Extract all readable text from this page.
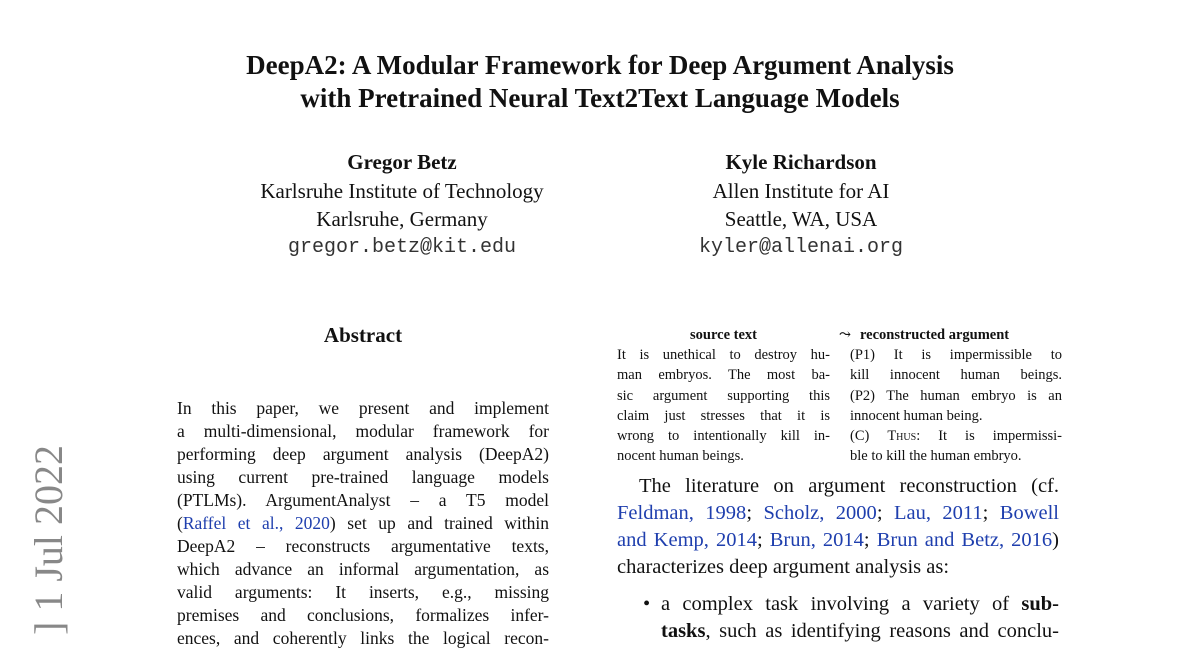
DeepA2: A Modular Framework for Deep Argument Analysis
with Pretrained Neural Text2Text Language Models
Gregor Betz
Karlsruhe Institute of Technology
Karlsruhe, Germany
gregor.betz@kit.edu
Kyle Richardson
Allen Institute for AI
Seattle, WA, USA
kyler@allenai.org
] 1 Jul 2022
Abstract
In this paper, we present and implement
a multi-dimensional, modular framework for
performing deep argument analysis (DeepA2)
using current pre-trained language models
(PTLMs). ArgumentAnalyst – a T5 model
(Raffel et al., 2020) set up and trained within
DeepA2 – reconstructs argumentative texts,
which advance an informal argumentation, as
valid arguments: It inserts, e.g., missing
premises and conclusions, formalizes infer-
ences, and coherently links the logical recon-
source text	⤳ reconstructed argument
It is unethical to destroy hu-
man embryos. The most ba-
sic argument supporting this
claim just stresses that it is
wrong to intentionally kill in-
nocent human beings.
(P1) It is impermissible to
kill innocent human beings.
(P2) The human embryo is an
innocent human being.
(C) Thus: It is impermissi-
ble to kill the human embryo.
The literature on argument reconstruction (cf.
Feldman, 1998; Scholz, 2000; Lau, 2011; Bowell
and Kemp, 2014; Brun, 2014; Brun and Betz, 2016)
characterizes deep argument analysis as:
• a complex task involving a variety of sub-
tasks, such as identifying reasons and conclu-
